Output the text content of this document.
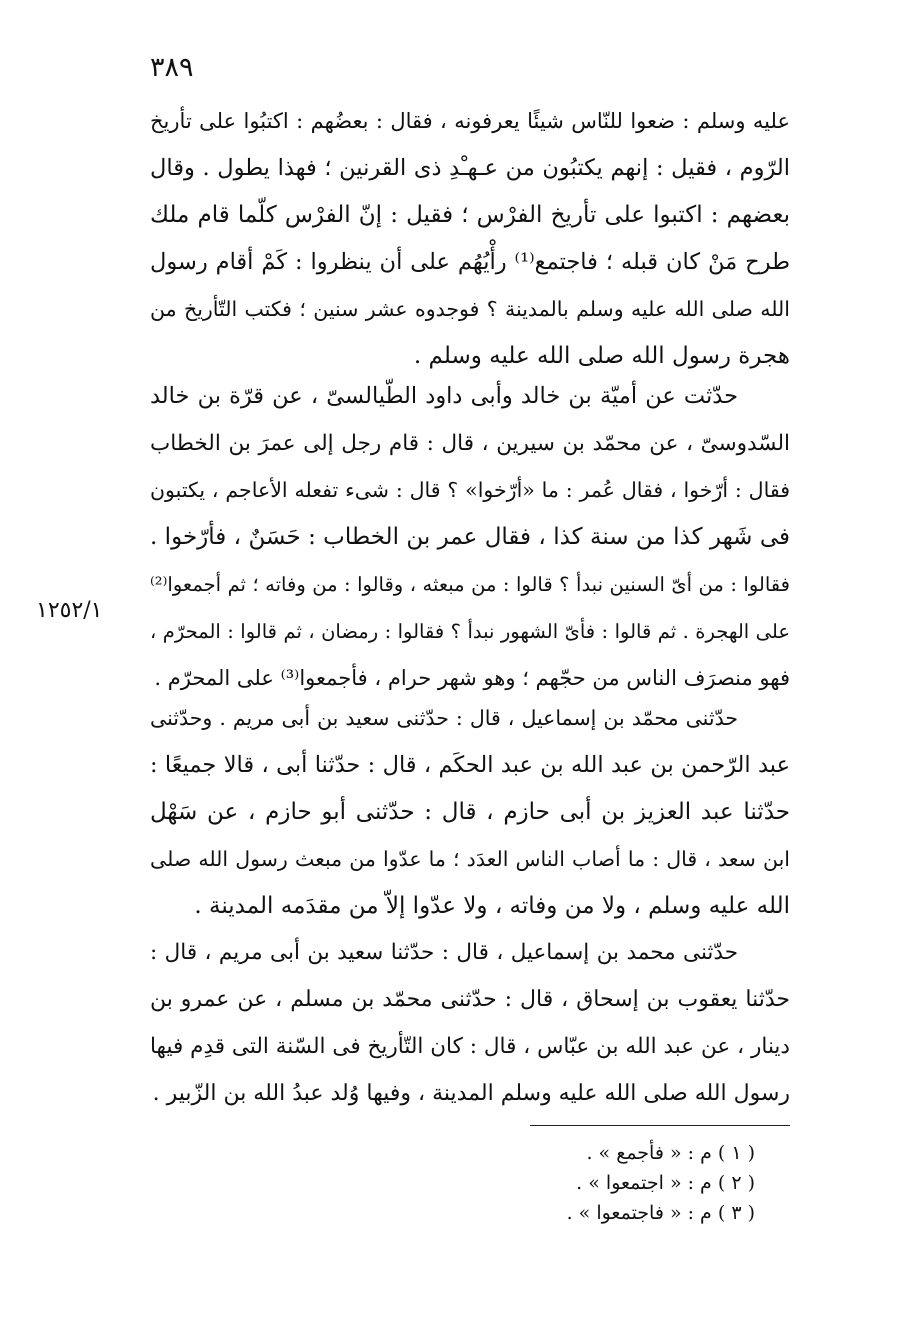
٣٨٩
١٢٥٢/١
عليه وسلم : ضعوا للنّاس شيئًا يعرفونه ، فقال : بعضُهم : اكتبُوا على تأريخ
الرّوم ، فقيل : إنهم يكتبُون من عـهـْدِ ذى القرنين ؛ فهذا يطول . وقال
بعضهم : اكتبوا على تأريخ الفرْس ؛ فقيل : إنّ الفرْس كلّما قام ملك
طرح مَنْ كان قبله ؛ فاجتمع⁽¹⁾ رأْيُهُم على أن ينظروا : كَمْ أقام رسول
الله صلى الله عليه وسلم بالمدينة ؟ فوجدوه عشر سنين ؛ فكتب التّأريخ من
هجرة رسول الله صلى الله عليه وسلم .
حدّثت عن أميّة بن خالد وأبى داود الطّيالسىّ ، عن قرّة بن خالد
السّدوسىّ ، عن محمّد بن سيرين ، قال : قام رجل إلى عمرَ بن الخطاب
فقال : أرّخوا ، فقال عُمر : ما «أرّخوا» ؟ قال : شىء تفعله الأعاجم ، يكتبون
فى شَهر كذا من سنة كذا ، فقال عمر بن الخطاب : حَسَنٌ ، فأرّخوا .
فقالوا : من أىّ السنين نبدأ ؟ قالوا : من مبعثه ، وقالوا : من وفاته ؛ ثم أجمعوا⁽²⁾
على الهجرة . ثم قالوا : فأىّ الشهور نبدأ ؟ فقالوا : رمضان ، ثم قالوا : المحرّم ،
فهو منصرَف الناس من حجّهم ؛ وهو شهر حرام ، فأجمعوا⁽³⁾ على المحرّم .
حدّثنى محمّد بن إسماعيل ، قال : حدّثنى سعيد بن أبى مريم . وحدّثنى
عبد الرّحمن بن عبد الله بن عبد الحكَم ، قال : حدّثنا أبى ، قالا جميعًا :
حدّثنا عبد العزيز بن أبى حازم ، قال : حدّثنى أبو حازم ، عن سَهْل
ابن سعد ، قال : ما أصاب الناس العدَد ؛ ما عدّوا من مبعث رسول الله صلى
الله عليه وسلم ، ولا من وفاته ، ولا عدّوا إلاّ من مقدَمه المدينة .
حدّثنى محمد بن إسماعيل ، قال : حدّثنا سعيد بن أبى مريم ، قال :
حدّثنا يعقوب بن إسحاق ، قال : حدّثنى محمّد بن مسلم ، عن عمرو بن
دينار ، عن عبد الله بن عبّاس ، قال : كان التّأريخ فى السّنة التى قدِم فيها
رسول الله صلى الله عليه وسلم المدينة ، وفيها وُلد عبدُ الله بن الزّبير .
( ١ ) م : « فأجمع » .
( ٢ ) م : « اجتمعوا » .
( ٣ ) م : « فاجتمعوا » .
